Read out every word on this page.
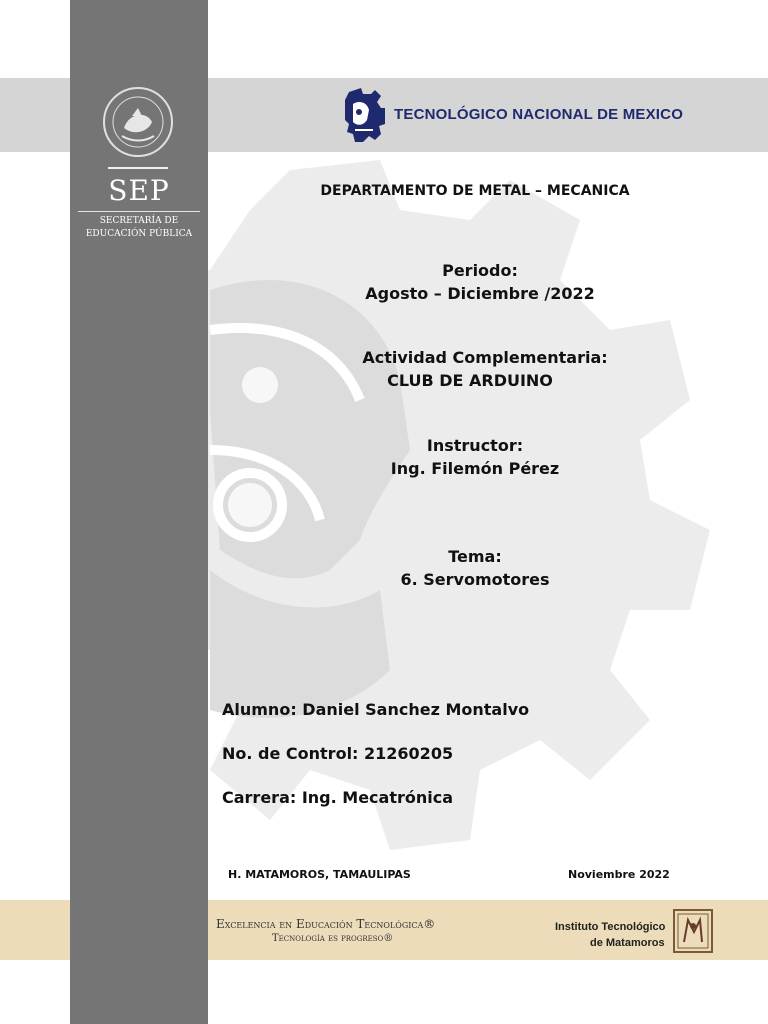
SEP
SECRETARÍA DE
EDUCACIÓN PÚBLICA
TECNOLÓGICO NACIONAL DE MEXICO
DEPARTAMENTO DE METAL – MECANICA
Periodo:
Agosto – Diciembre /2022
Actividad Complementaria:
CLUB DE ARDUINO
Instructor:
Ing. Filemón Pérez
Tema:
6. Servomotores
Alumno: Daniel Sanchez Montalvo
No. de Control: 21260205
Carrera: Ing. Mecatrónica
H. MATAMOROS, TAMAULIPAS	Noviembre 2022
Excelencia en Educación Tecnológica®
Tecnología es progreso®
Instituto Tecnológico
de Matamoros
